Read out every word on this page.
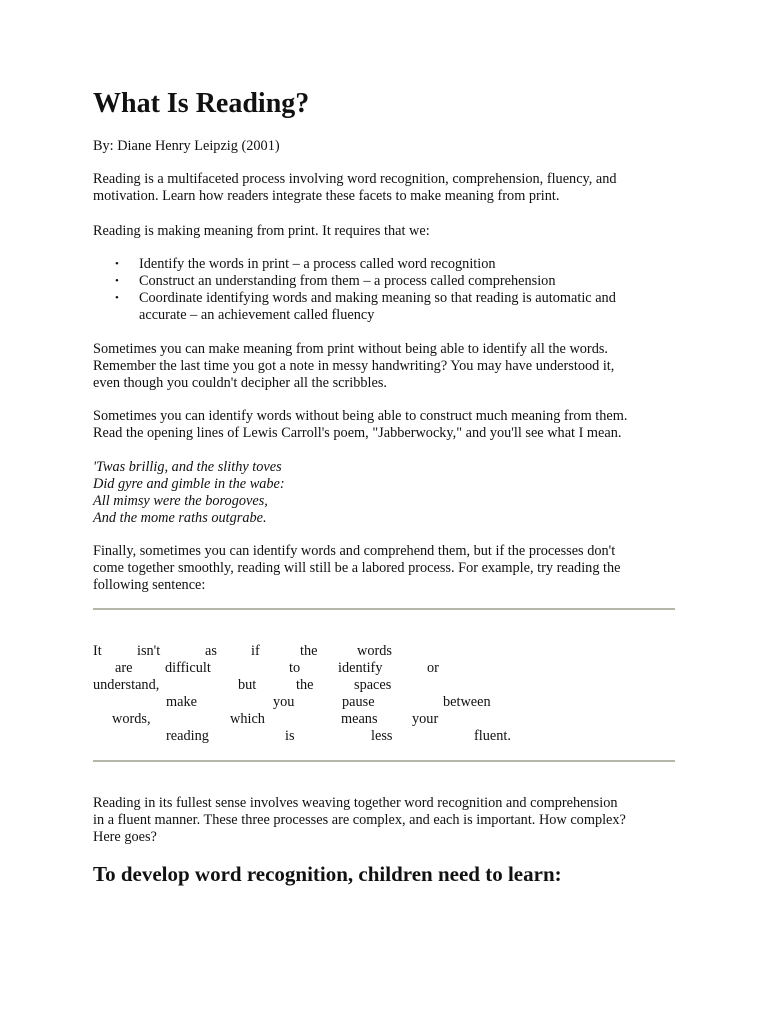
What Is Reading?

By: Diane Henry Leipzig (2001)

Reading is a multifaceted process involving word recognition, comprehension, fluency, and
motivation. Learn how readers integrate these facets to make meaning from print.

Reading is making meaning from print. It requires that we:

• Identify the words in print – a process called word recognition
• Construct an understanding from them – a process called comprehension
• Coordinate identifying words and making meaning so that reading is automatic and
accurate – an achievement called fluency

Sometimes you can make meaning from print without being able to identify all the words.
Remember the last time you got a note in messy handwriting? You may have understood it,
even though you couldn't decipher all the scribbles.

Sometimes you can identify words without being able to construct much meaning from them.
Read the opening lines of Lewis Carroll's poem, "Jabberwocky," and you'll see what I mean.

'Twas brillig, and the slithy toves
Did gyre and gimble in the wabe:
All mimsy were the borogoves,
And the mome raths outgrabe.

Finally, sometimes you can identify words and comprehend them, but if the processes don't
come together smoothly, reading will still be a labored process. For example, try reading the
following sentence:

It isn't	as if	the	words
are difficult	to	identify	or
understand,	but	the	spaces
make	you	pause	between
words,	which	means your
reading	is	less	fluent.

Reading in its fullest sense involves weaving together word recognition and comprehension
in a fluent manner. These three processes are complex, and each is important. How complex?
Here goes?

To develop word recognition, children need to learn:
